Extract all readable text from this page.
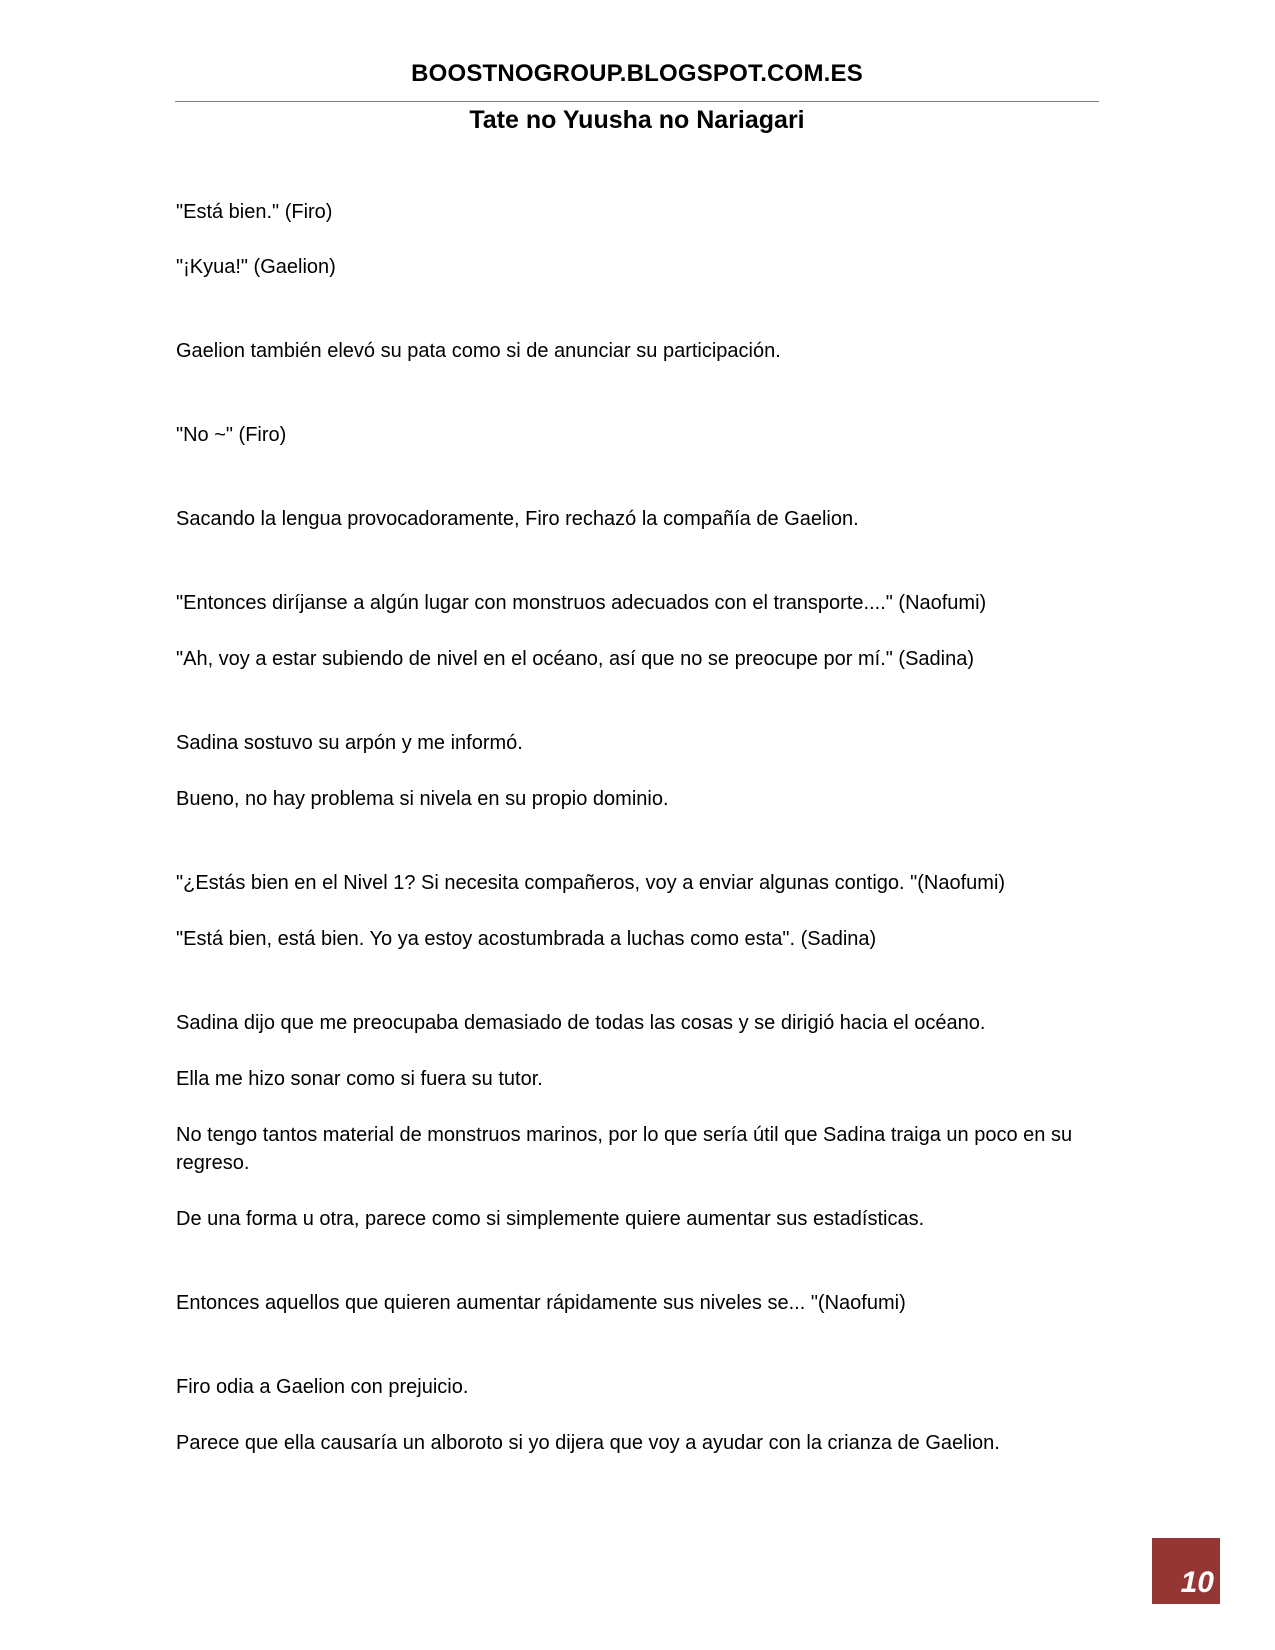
BOOSTNOGROUP.BLOGSPOT.COM.ES
Tate no Yuusha no Nariagari

"Está bien." (Firo)

"¡Kyua!" (Gaelion)

Gaelion también elevó su pata como si de anunciar su participación.

"No ~" (Firo)

Sacando la lengua provocadoramente, Firo rechazó la compañía de Gaelion.

"Entonces diríjanse a algún lugar con monstruos adecuados con el transporte...." (Naofumi)

"Ah, voy a estar subiendo de nivel en el océano, así que no se preocupe por mí." (Sadina)

Sadina sostuvo su arpón y me informó.

Bueno, no hay problema si nivela en su propio dominio.

"¿Estás bien en el Nivel 1? Si necesita compañeros, voy a enviar algunas contigo. "(Naofumi)

"Está bien, está bien. Yo ya estoy acostumbrada a luchas como esta". (Sadina)

Sadina dijo que me preocupaba demasiado de todas las cosas y se dirigió hacia el océano.

Ella me hizo sonar como si fuera su tutor.

No tengo tantos material de monstruos marinos, por lo que sería útil que Sadina traiga un poco en su regreso.

De una forma u otra, parece como si simplemente quiere aumentar sus estadísticas.

Entonces aquellos que quieren aumentar rápidamente sus niveles se... "(Naofumi)

Firo odia a Gaelion con prejuicio.

Parece que ella causaría un alboroto si yo dijera que voy a ayudar con la crianza de Gaelion.

10
